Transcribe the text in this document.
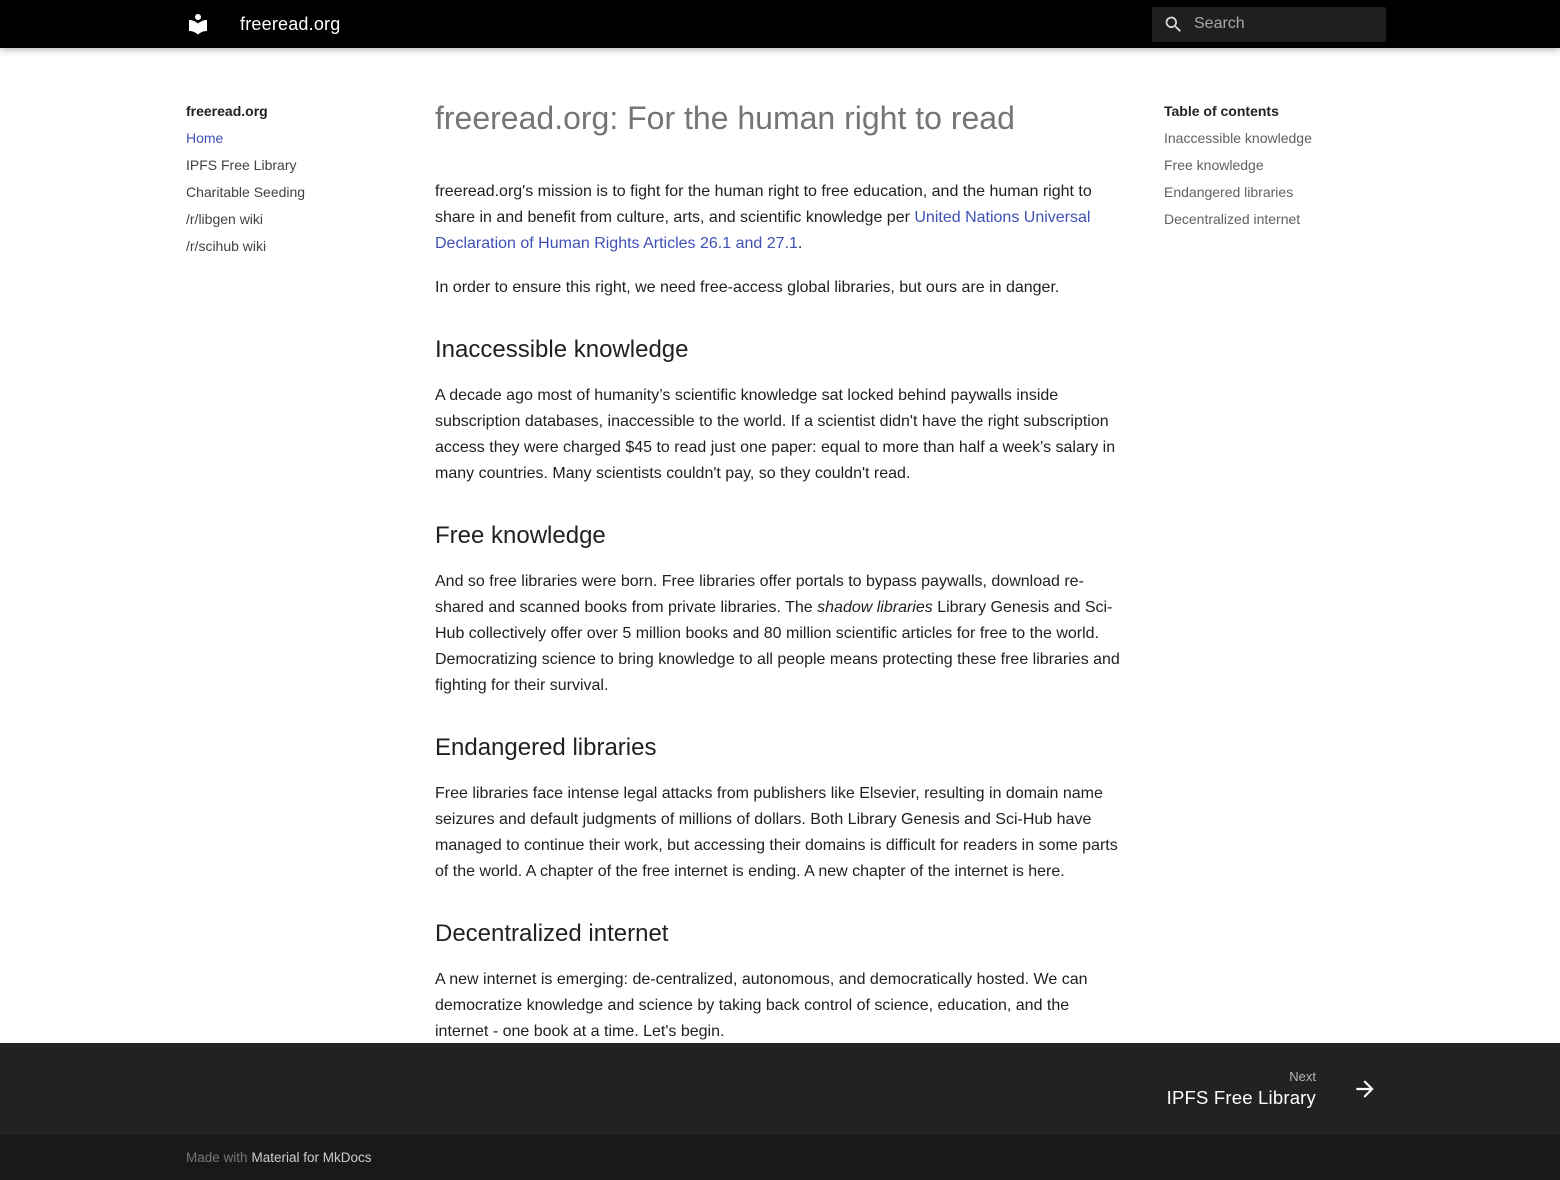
freeread.org
Search
freeread.org
Home
IPFS Free Library
Charitable Seeding
/r/libgen wiki
/r/scihub wiki
freeread.org: For the human right to read

freeread.org's mission is to fight for the human right to free education, and the human right to share in and benefit from culture, arts, and scientific knowledge per United Nations Universal Declaration of Human Rights Articles 26.1 and 27.1.

In order to ensure this right, we need free-access global libraries, but ours are in danger.

Inaccessible knowledge

A decade ago most of humanity’s scientific knowledge sat locked behind paywalls inside subscription databases, inaccessible to the world. If a scientist didn't have the right subscription access they were charged $45 to read just one paper: equal to more than half a week’s salary in many countries. Many scientists couldn't pay, so they couldn't read.

Free knowledge

And so free libraries were born. Free libraries offer portals to bypass paywalls, download re-shared and scanned books from private libraries. The shadow libraries Library Genesis and Sci-Hub collectively offer over 5 million books and 80 million scientific articles for free to the world. Democratizing science to bring knowledge to all people means protecting these free libraries and fighting for their survival.

Endangered libraries

Free libraries face intense legal attacks from publishers like Elsevier, resulting in domain name seizures and default judgments of millions of dollars. Both Library Genesis and Sci-Hub have managed to continue their work, but accessing their domains is difficult for readers in some parts of the world. A chapter of the free internet is ending. A new chapter of the internet is here.

Decentralized internet

A new internet is emerging: de-centralized, autonomous, and democratically hosted. We can democratize knowledge and science by taking back control of science, education, and the internet - one book at a time. Let's begin.

Table of contents
Inaccessible knowledge
Free knowledge
Endangered libraries
Decentralized internet
Next
IPFS Free Library
Made with Material for MkDocs
